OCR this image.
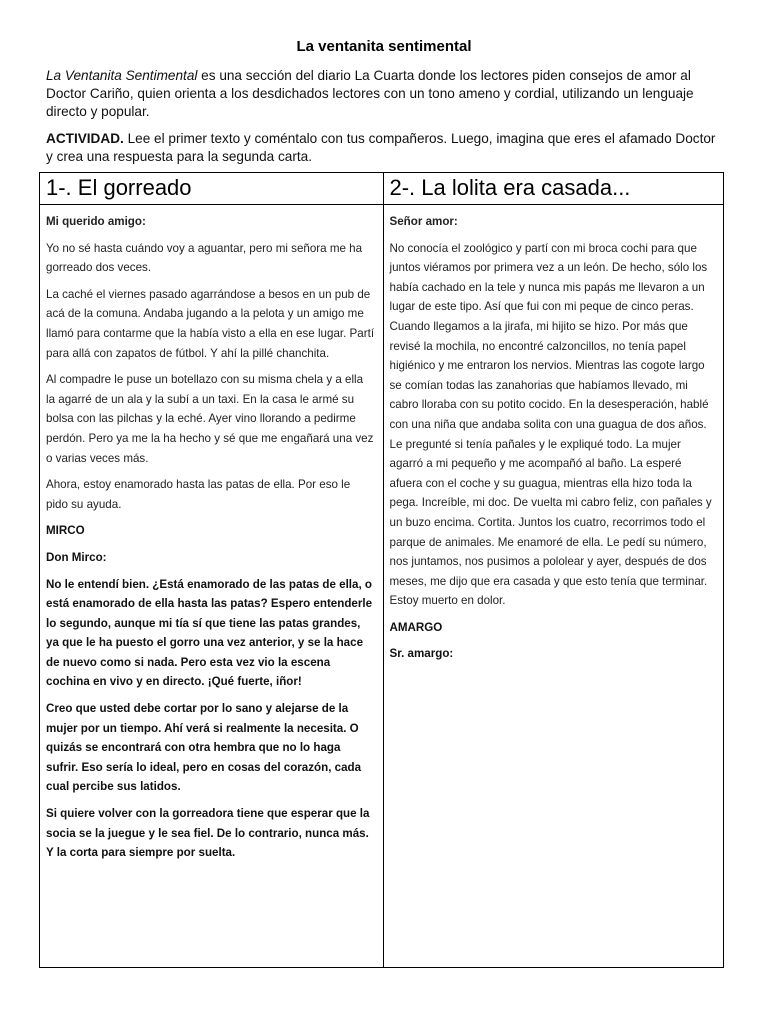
La ventanita sentimental

La Ventanita Sentimental es una sección del diario La Cuarta donde los lectores piden consejos de amor al Doctor Cariño, quien orienta a los desdichados lectores con un tono ameno y cordial, utilizando un lenguaje directo y popular.

ACTIVIDAD. Lee el primer texto y coméntalo con tus compañeros. Luego, imagina que eres el afamado Doctor y crea una respuesta para la segunda carta.

1-. El gorreado

Mi querido amigo:

Yo no sé hasta cuándo voy a aguantar, pero mi señora me ha gorreado dos veces.

La caché el viernes pasado agarrándose a besos en un pub de acá de la comuna. Andaba jugando a la pelota y un amigo me llamó para contarme que la había visto a ella en ese lugar. Partí para allá con zapatos de fútbol. Y ahí la pillé chanchita.

Al compadre le puse un botellazo con su misma chela y a ella la agarré de un ala y la subí a un taxi. En la casa le armé su bolsa con las pilchas y la eché. Ayer vino llorando a pedirme perdón. Pero ya me la ha hecho y sé que me engañará una vez o varias veces más.

Ahora, estoy enamorado hasta las patas de ella. Por eso le pido su ayuda.

MIRCO

Don Mirco:

No le entendí bien. ¿Está enamorado de las patas de ella, o está enamorado de ella hasta las patas? Espero entenderle lo segundo, aunque mi tía sí que tiene las patas grandes, ya que le ha puesto el gorro una vez anterior, y se la hace de nuevo como si nada. Pero esta vez vio la escena cochina en vivo y en directo. ¡Qué fuerte, iñor!

Creo que usted debe cortar por lo sano y alejarse de la mujer por un tiempo. Ahí verá si realmente la necesita. O quizás se encontrará con otra hembra que no lo haga sufrir. Eso sería lo ideal, pero en cosas del corazón, cada cual percibe sus latidos.

Si quiere volver con la gorreadora tiene que esperar que la socia se la juegue y le sea fiel. De lo contrario, nunca más. Y la corta para siempre por suelta.

2-. La lolita era casada...

Señor amor:

No conocía el zoológico y partí con mi broca cochi para que juntos viéramos por primera vez a un león. De hecho, sólo los había cachado en la tele y nunca mis papás me llevaron a un lugar de este tipo. Así que fui con mi peque de cinco peras. Cuando llegamos a la jirafa, mi hijito se hizo. Por más que revisé la mochila, no encontré calzoncillos, no tenía papel higiénico y me entraron los nervios. Mientras las cogote largo se comían todas las zanahorias que habíamos llevado, mi cabro lloraba con su potito cocido. En la desesperación, hablé con una niña que andaba solita con una guagua de dos años. Le pregunté si tenía pañales y le expliqué todo. La mujer agarró a mi pequeño y me acompañó al baño. La esperé afuera con el coche y su guagua, mientras ella hizo toda la pega. Increíble, mi doc. De vuelta mi cabro feliz, con pañales y un buzo encima. Cortita. Juntos los cuatro, recorrimos todo el parque de animales. Me enamoré de ella. Le pedí su número, nos juntamos, nos pusimos a pololear y ayer, después de dos meses, me dijo que era casada y que esto tenía que terminar. Estoy muerto en dolor.

AMARGO

Sr. amargo:
